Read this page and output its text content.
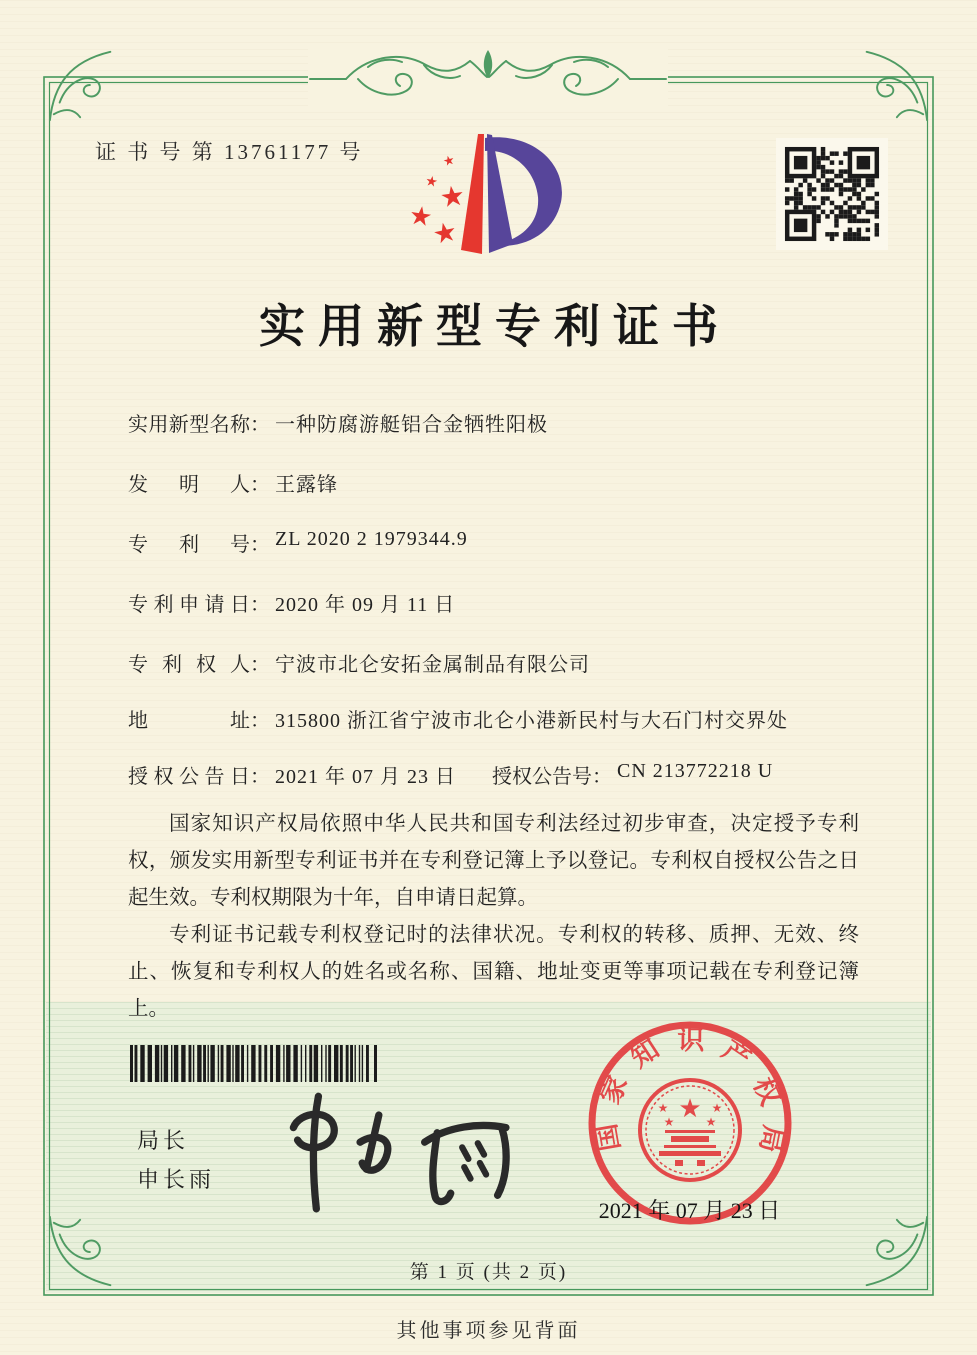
证 书 号 第 13761177 号	★
★ ★
★
★
实用新型专利证书
实用新型名称： 一种防腐游艇铝合金牺牲阳极
发明人： 王露锋
专利号： ZL 2020 2 1979344.9
专利申请日： 2020 年 09 月 11 日
专利权人： 宁波市北仑安拓金属制品有限公司
地址： 315800 浙江省宁波市北仑小港新民村与大石门村交界处
授权公告日： 2021 年 07 月 23 日 授权公告号： CN 213772218 U

国家知识产权局依照中华人民共和国专利法经过初步审查，决定授予专利权，颁发实用新型专利证书并在专利登记簿上予以登记。专利权自授权公告之日起生效。专利权期限为十年，自申请日起算。

专利证书记载专利权登记时的法律状况。专利权的转移、质押、无效、终止、恢复和专利权人的姓名或名称、国籍、地址变更等事项记载在专利登记簿上。

局长
申长雨
国家知识产权局
★
★	★
★	★
2021 年 07 月 23 日
第 1 页 (共 2 页)
其他事项参见背面
